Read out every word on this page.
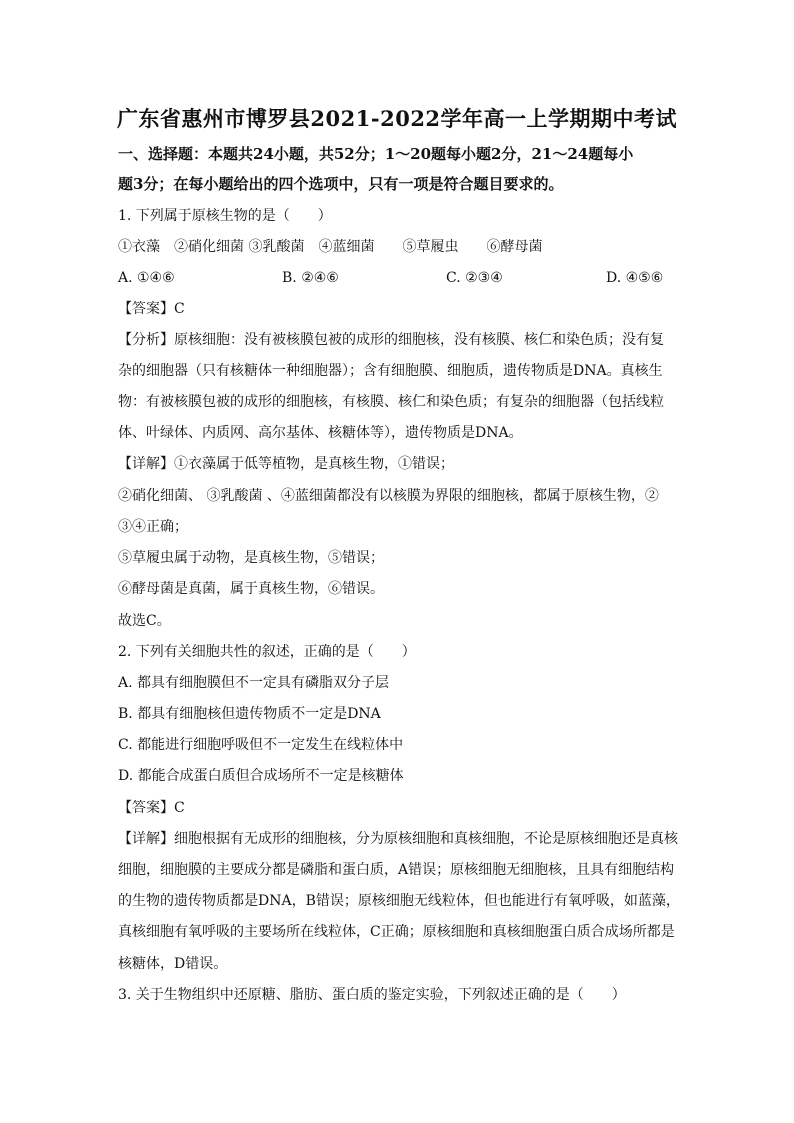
广东省惠州市博罗县2021-2022学年高一上学期期中考试
一、选择题：本题共24小题，共52分；1～20题每小题2分，21～24题每小
题3分；在每小题给出的四个选项中，只有一项是符合题目要求的。
1. 下列属于原核生物的是（　　）
①衣藻　②硝化细菌 ③乳酸菌　④蓝细菌　　⑤草履虫　　⑥酵母菌
A. ①④⑥	B. ②④⑥	C. ②③④	D. ④⑤⑥
【答案】C
【分析】原核细胞：没有被核膜包被的成形的细胞核，没有核膜、核仁和染色质；没有复
杂的细胞器（只有核糖体一种细胞器）；含有细胞膜、细胞质，遗传物质是DNA。真核生
物：有被核膜包被的成形的细胞核，有核膜、核仁和染色质；有复杂的细胞器（包括线粒
体、叶绿体、内质网、高尔基体、核糖体等），遗传物质是DNA。
【详解】①衣藻属于低等植物，是真核生物，①错误；
②硝化细菌、 ③乳酸菌 、④蓝细菌都没有以核膜为界限的细胞核，都属于原核生物，②
③④正确；
⑤草履虫属于动物，是真核生物，⑤错误；
⑥酵母菌是真菌，属于真核生物，⑥错误。
故选C。
2. 下列有关细胞共性的叙述，正确的是（　　）
A. 都具有细胞膜但不一定具有磷脂双分子层
B. 都具有细胞核但遗传物质不一定是DNA
C. 都能进行细胞呼吸但不一定发生在线粒体中
D. 都能合成蛋白质但合成场所不一定是核糖体
【答案】C
【详解】细胞根据有无成形的细胞核，分为原核细胞和真核细胞，不论是原核细胞还是真核
细胞，细胞膜的主要成分都是磷脂和蛋白质，A错误；原核细胞无细胞核，且具有细胞结构
的生物的遗传物质都是DNA，B错误；原核细胞无线粒体，但也能进行有氧呼吸，如蓝藻，
真核细胞有氧呼吸的主要场所在线粒体，C正确；原核细胞和真核细胞蛋白质合成场所都是
核糖体，D错误。
3. 关于生物组织中还原糖、脂肪、蛋白质的鉴定实验，下列叙述正确的是（　　）
